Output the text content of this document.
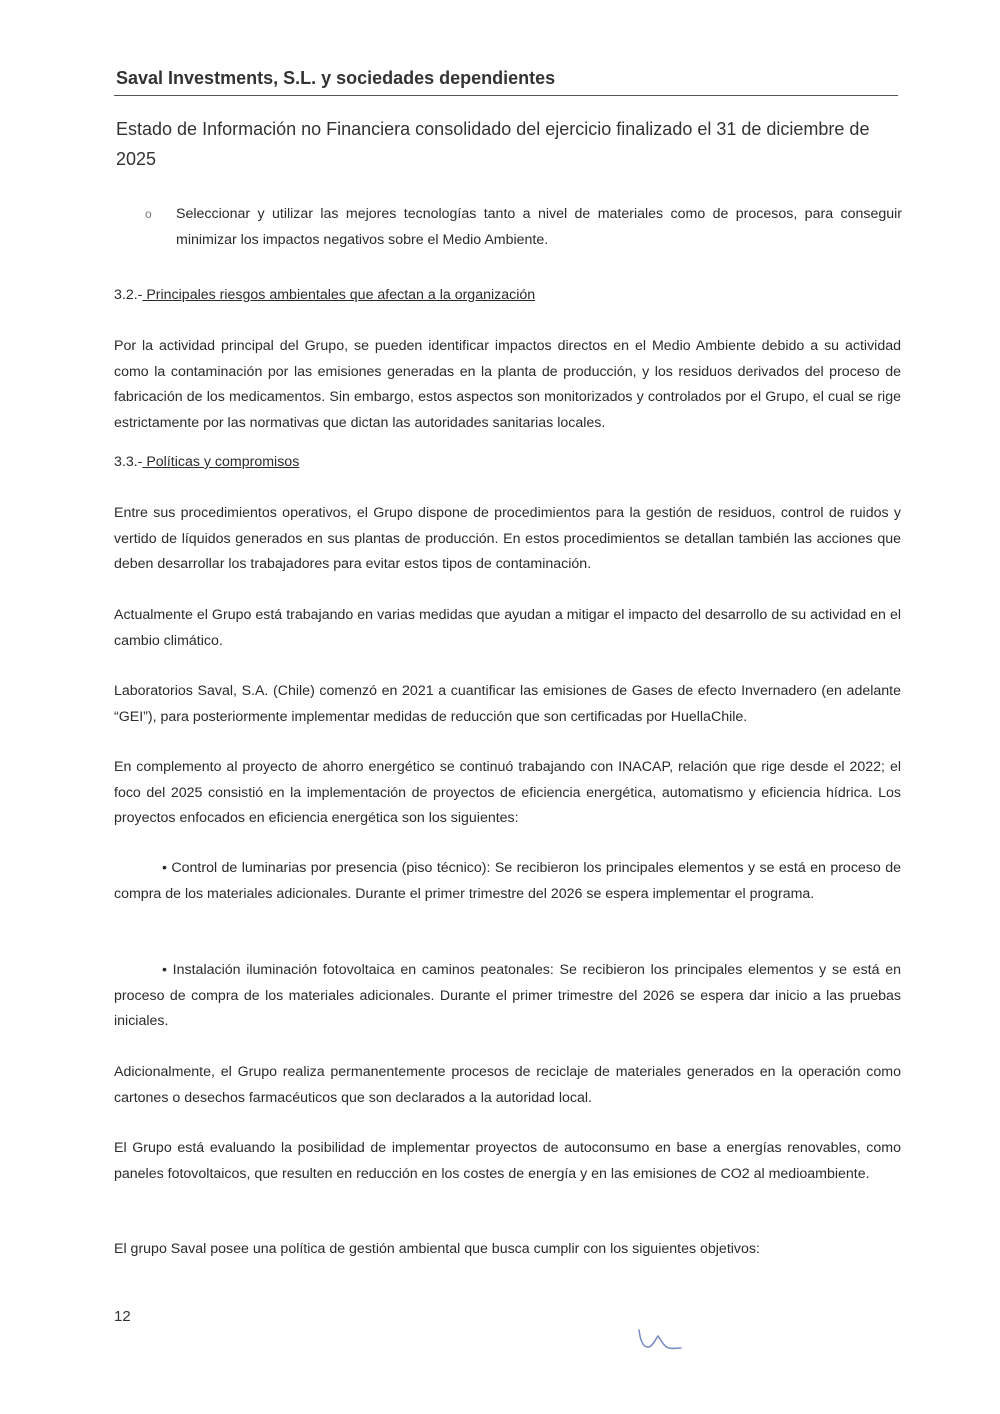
Saval Investments, S.L. y sociedades dependientes
Estado de Información no Financiera consolidado del ejercicio finalizado el 31 de diciembre de 2025
o Seleccionar y utilizar las mejores tecnologías tanto a nivel de materiales como de procesos, para conseguir minimizar los impactos negativos sobre el Medio Ambiente.
3.2.- Principales riesgos ambientales que afectan a la organización
Por la actividad principal del Grupo, se pueden identificar impactos directos en el Medio Ambiente debido a su actividad como la contaminación por las emisiones generadas en la planta de producción, y los residuos derivados del proceso de fabricación de los medicamentos. Sin embargo, estos aspectos son monitorizados y controlados por el Grupo, el cual se rige estrictamente por las normativas que dictan las autoridades sanitarias locales.
3.3.- Políticas y compromisos
Entre sus procedimientos operativos, el Grupo dispone de procedimientos para la gestión de residuos, control de ruidos y vertido de líquidos generados en sus plantas de producción. En estos procedimientos se detallan también las acciones que deben desarrollar los trabajadores para evitar estos tipos de contaminación.
Actualmente el Grupo está trabajando en varias medidas que ayudan a mitigar el impacto del desarrollo de su actividad en el cambio climático.
Laboratorios Saval, S.A. (Chile) comenzó en 2021 a cuantificar las emisiones de Gases de efecto Invernadero (en adelante “GEI”), para posteriormente implementar medidas de reducción que son certificadas por HuellaChile.
En complemento al proyecto de ahorro energético se continuó trabajando con INACAP, relación que rige desde el 2022; el foco del 2025 consistió en la implementación de proyectos de eficiencia energética, automatismo y eficiencia hídrica. Los proyectos enfocados en eficiencia energética son los siguientes:
• Control de luminarias por presencia (piso técnico): Se recibieron los principales elementos y se está en proceso de compra de los materiales adicionales. Durante el primer trimestre del 2026 se espera implementar el programa.
• Instalación iluminación fotovoltaica en caminos peatonales: Se recibieron los principales elementos y se está en proceso de compra de los materiales adicionales. Durante el primer trimestre del 2026 se espera dar inicio a las pruebas iniciales.
Adicionalmente, el Grupo realiza permanentemente procesos de reciclaje de materiales generados en la operación como cartones o desechos farmacéuticos que son declarados a la autoridad local.
El Grupo está evaluando la posibilidad de implementar proyectos de autoconsumo en base a energías renovables, como paneles fotovoltaicos, que resulten en reducción en los costes de energía y en las emisiones de CO2 al medioambiente.
El grupo Saval posee una política de gestión ambiental que busca cumplir con los siguientes objetivos:
12
